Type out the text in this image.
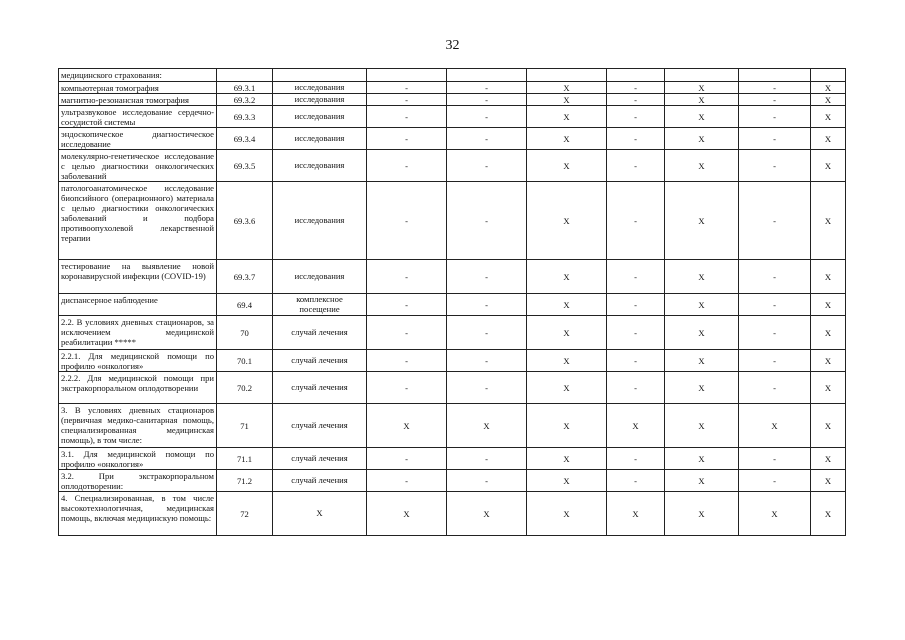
32
медицинского страхования:										
компьютерная томография	69.3.1	исследования	-	-	X	-	X	-	X	
магнитно-резонансная томография	69.3.2	исследования	-	-	X	-	X	-	X	
ультразвуковое исследование сердечно-сосудистой системы	69.3.3	исследования	-	-	X	-	X	-	X	
эндоскопическое диагностическое исследование	69.3.4	исследования	-	-	X	-	X	-	X	
молекулярно-генетическое исследование с целью диагностики онкологических заболеваний	69.3.5	исследования	-	-	X	-	X	-	X	
патологоанатомическое исследование биопсийного (операционного) материала с целью диагностики онкологических заболеваний и подбора противоопухолевой лекарственной терапии	69.3.6	исследования	-	-	X	-	X	-	X	
тестирование на выявление новой коронавирусной инфекции (COVID-19)	69.3.7	исследования	-	-	X	-	X	-	X	
диспансерное наблюдение	69.4	комплексное посещение	-	-	X	-	X	-	X	
2.2. В условиях дневных стационаров, за исключением медицинской реабилитации *****	70	случай лечения	-	-	X	-	X	-	X	
2.2.1. Для медицинской помощи по профилю «онкология»	70.1	случай лечения	-	-	X	-	X	-	X	
2.2.2. Для медицинской помощи при экстракорпоральном оплодотворении	70.2	случай лечения	-	-	X	-	X	-	X	
3. В условиях дневных стационаров (первичная медико-санитарная помощь, специализированная медицинская помощь), в том числе:	71	случай лечения	X	X	X	X	X	X	X	
3.1. Для медицинской помощи по профилю «онкология»	71.1	случай лечения	-	-	X	-	X	-	X	
3.2. При экстракорпоральном оплодотворении:	71.2	случай лечения	-	-	X	-	X	-	X	
4. Специализированная, в том числе высокотехнологичная, медицинская помощь, включая медицинскую помощь:	72	X	X	X	X	X	X	X	X	
